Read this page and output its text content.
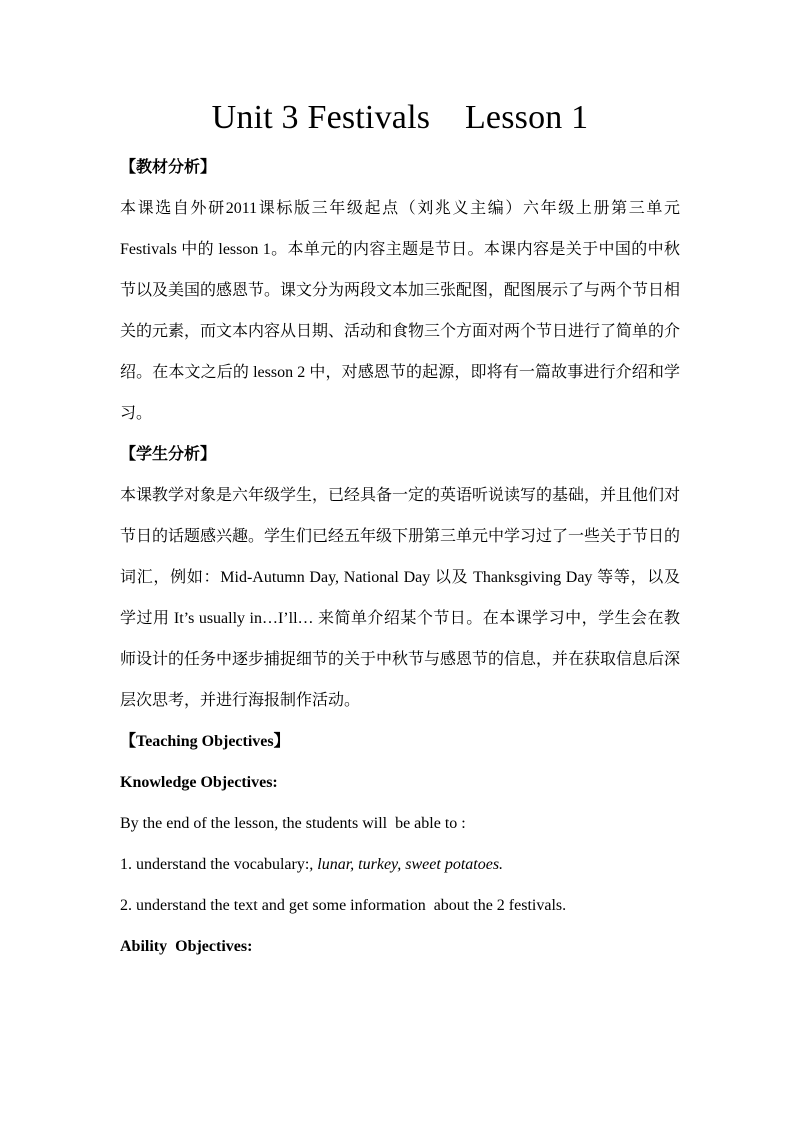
Unit 3 Festivals    Lesson 1

【教材分析】

本课选自外研2011课标版三年级起点（刘兆义主编）六年级上册第三单元 Festivals 中的 lesson 1。本单元的内容主题是节日。本课内容是关于中国的中秋节以及美国的感恩节。课文分为两段文本加三张配图，配图展示了与两个节日相关的元素，而文本内容从日期、活动和食物三个方面对两个节日进行了简单的介绍。在本文之后的 lesson 2 中，对感恩节的起源，即将有一篇故事进行介绍和学习。

【学生分析】

本课教学对象是六年级学生，已经具备一定的英语听说读写的基础，并且他们对节日的话题感兴趣。学生们已经五年级下册第三单元中学习过了一些关于节日的词汇，例如：Mid-Autumn Day, National Day 以及 Thanksgiving Day 等等，以及学过用 It’s usually in…I’ll… 来简单介绍某个节日。在本课学习中，学生会在教师设计的任务中逐步捕捉细节的关于中秋节与感恩节的信息，并在获取信息后深层次思考，并进行海报制作活动。

【Teaching Objectives】

Knowledge Objectives:

By the end of the lesson, the students will  be able to :

1. understand the vocabulary:, lunar, turkey, sweet potatoes.

2. understand the text and get some information  about the 2 festivals.

Ability  Objectives:
